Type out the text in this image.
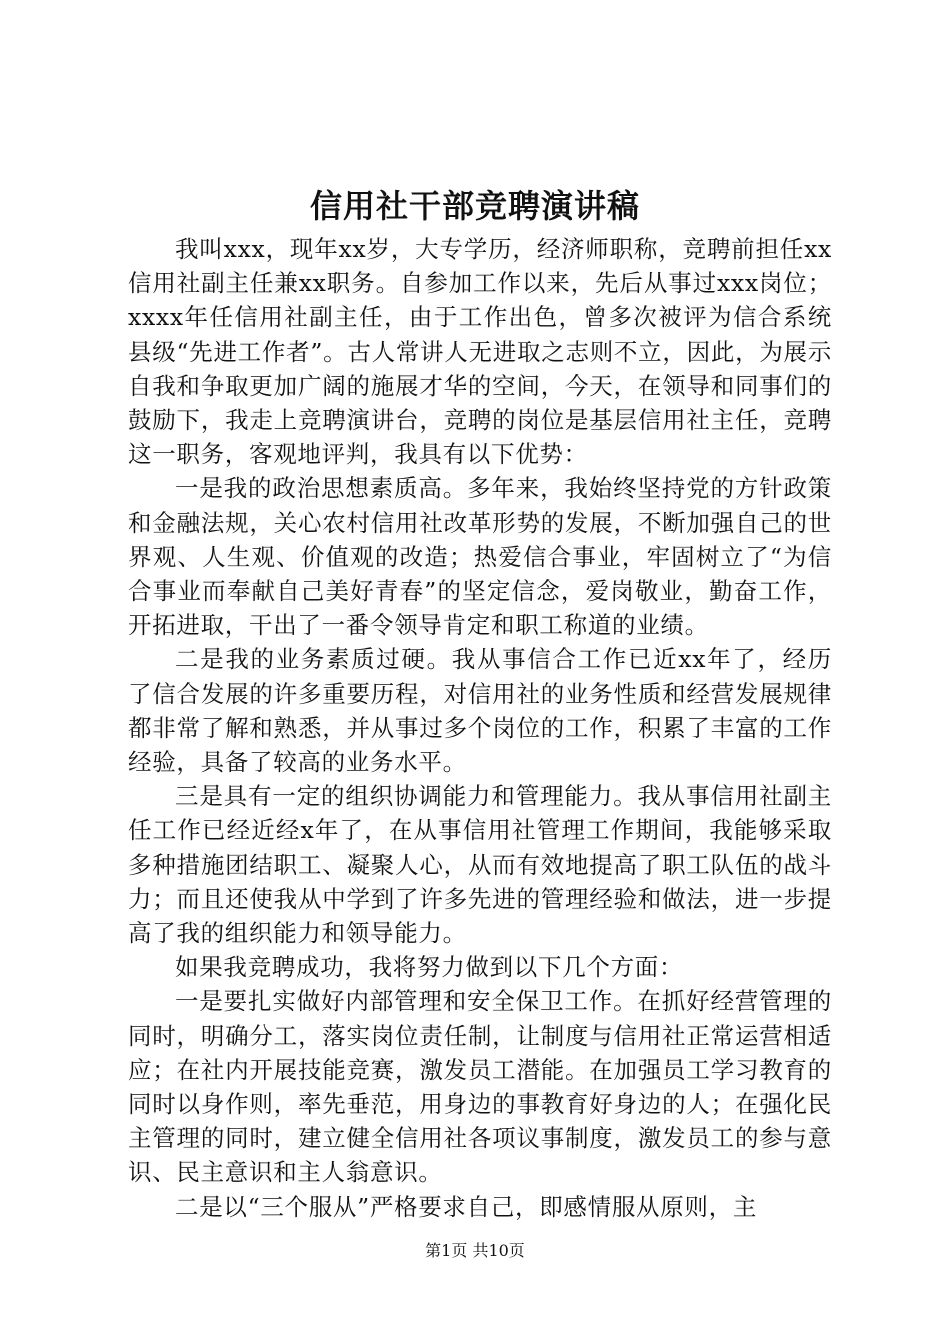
信用社干部竞聘演讲稿

我叫xxx，现年xx岁，大专学历，经济师职称，竞聘前担任xx信用社副主任兼xx职务。自参加工作以来，先后从事过xxx岗位；xxxx年任信用社副主任，由于工作出色，曾多次被评为信合系统县级“先进工作者”。古人常讲人无进取之志则不立，因此，为展示自我和争取更加广阔的施展才华的空间，今天，在领导和同事们的鼓励下，我走上竞聘演讲台，竞聘的岗位是基层信用社主任，竞聘这一职务，客观地评判，我具有以下优势：

一是我的政治思想素质高。多年来，我始终坚持党的方针政策和金融法规，关心农村信用社改革形势的发展，不断加强自己的世界观、人生观、价值观的改造；热爱信合事业，牢固树立了“为信合事业而奉献自己美好青春”的坚定信念，爱岗敬业，勤奋工作，开拓进取，干出了一番令领导肯定和职工称道的业绩。

二是我的业务素质过硬。我从事信合工作已近xx年了，经历了信合发展的许多重要历程，对信用社的业务性质和经营发展规律都非常了解和熟悉，并从事过多个岗位的工作，积累了丰富的工作经验，具备了较高的业务水平。

三是具有一定的组织协调能力和管理能力。我从事信用社副主任工作已经近经x年了，在从事信用社管理工作期间，我能够采取多种措施团结职工、凝聚人心，从而有效地提高了职工队伍的战斗力；而且还使我从中学到了许多先进的管理经验和做法，进一步提高了我的组织能力和领导能力。

如果我竞聘成功，我将努力做到以下几个方面：

一是要扎实做好内部管理和安全保卫工作。在抓好经营管理的同时，明确分工，落实岗位责任制，让制度与信用社正常运营相适应；在社内开展技能竞赛，激发员工潜能。在加强员工学习教育的同时以身作则，率先垂范，用身边的事教育好身边的人；在强化民主管理的同时，建立健全信用社各项议事制度，激发员工的参与意识、民主意识和主人翁意识。

二是以“三个服从”严格要求自己，即感情服从原则，主

第1页 共10页
